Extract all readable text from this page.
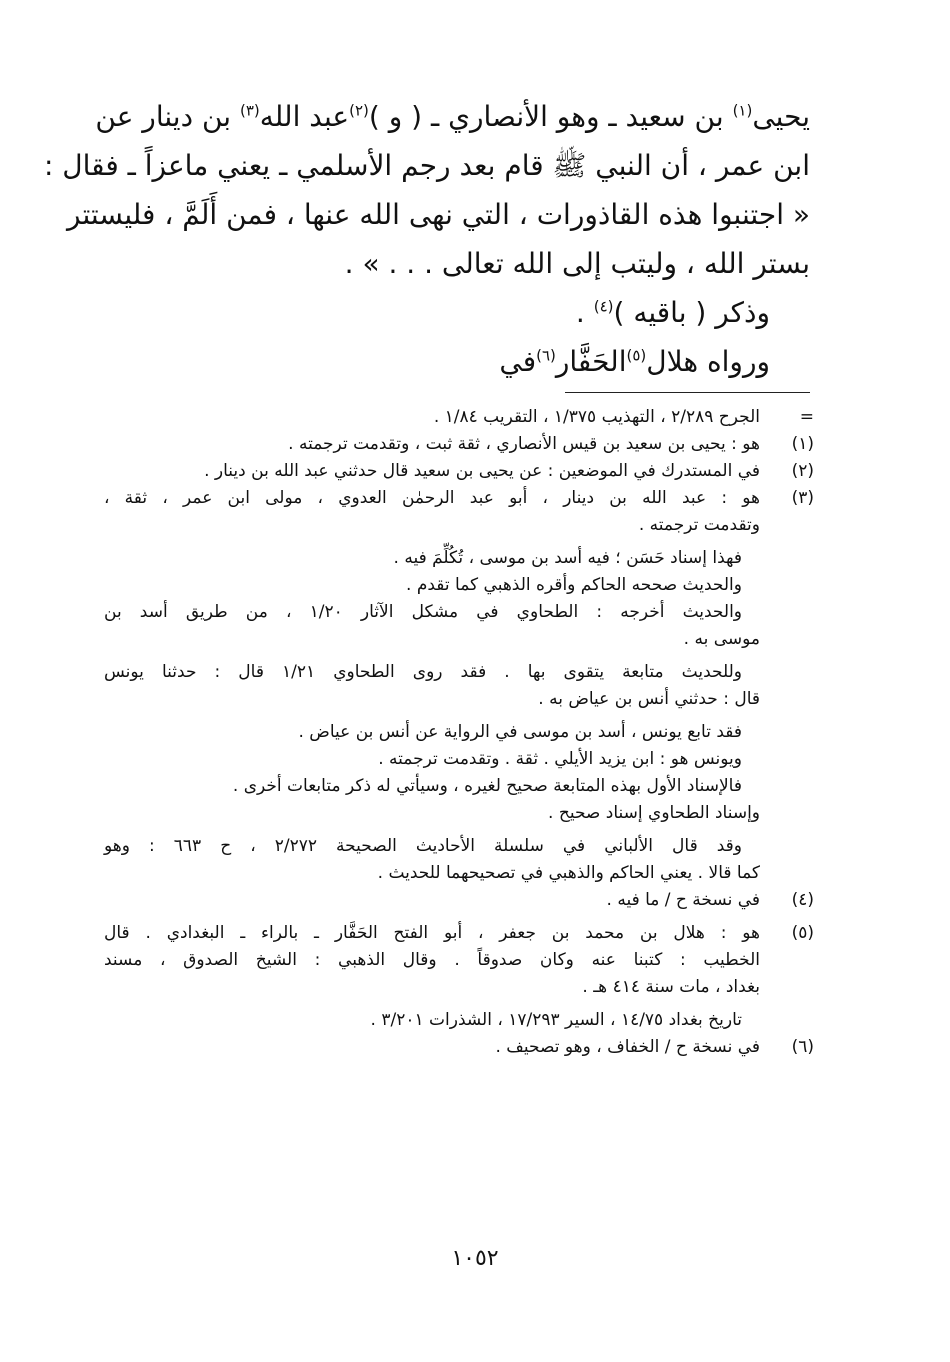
يحيى$^{(١)}$ بن سعيد ـ وهو الأنصاري ـ ( و )$^{(٢)}$عبد الله$^{(٣)}$ بن دينار عن

ابن عمر ، أن النبي ﷺ قام بعد رجم الأسلمي ـ يعني ماعزاً ـ فقال :

« اجتنبوا هذه القاذورات ، التي نهى الله عنها ، فمن أَلَمَّ ، فليستتر

بستر الله ، وليتب إلى الله تعالى . . . » .

وذكر ( باقيه )$^{(٤)}$ .

ورواه هلال$^{(٥)}$الحَفَّار$^{(٦)}$في

=الجرح ٢/٢٨٩ ، التهذيب ١/٣٧٥ ، التقريب ١/٨٤ .
(١)هو : يحيى بن سعيد بن قيس الأنصاري ، ثقة ثبت ، وتقدمت ترجمته .
(٢)في المستدرك في الموضعين : عن يحيى بن سعيد قال حدثني عبد الله بن دينار .
(٣)هو : عبد الله بن دينار ، أبو عبد الرحمٰن العدوي ، مولى ابن عمر ، ثقة ،
وتقدمت ترجمته .
فهذا إسناد حَسَن ؛ فيه أسد بن موسى ، تُكُلِّمَ فيه .
والحديث صححه الحاكم وأقره الذهبي كما تقدم .
والحديث أخرجه : الطحاوي في مشكل الآثار ١/٢٠ ، من طريق أسد بن
موسى به .
وللحديث متابعة يتقوى بها . فقد روى الطحاوي ١/٢١ قال : حدثنا يونس
قال : حدثني أنس بن عياض به .
فقد تابع يونس ، أسد بن موسى في الرواية عن أنس بن عياض .
ويونس هو : ابن يزيد الأيلي . ثقة . وتقدمت ترجمته .
فالإسناد الأول بهذه المتابعة صحيح لغيره ، وسيأتي له ذكر متابعات أخرى .
وإسناد الطحاوي إسناد صحيح .
وقد قال الألباني في سلسلة الأحاديث الصحيحة ٢/٢٧٢ ، ح ٦٦٣ : وهو
كما قالا . يعني الحاكم والذهبي في تصحيحهما للحديث .
(٤)في نسخة ح / ما فيه .
(٥)هو : هلال بن محمد بن جعفر ، أبو الفتح الحَفَّار ـ بالراء ـ البغدادي . قال
الخطيب : كتبنا عنه وكان صدوقاً . وقال الذهبي : الشيخ الصدوق ، مسند
بغداد ، مات سنة ٤١٤ هـ .
تاريخ بغداد ١٤/٧٥ ، السير ١٧/٢٩٣ ، الشذرات ٣/٢٠١ .
(٦)في نسخة ح / الخفاف ، وهو تصحيف .
١٠٥٢
